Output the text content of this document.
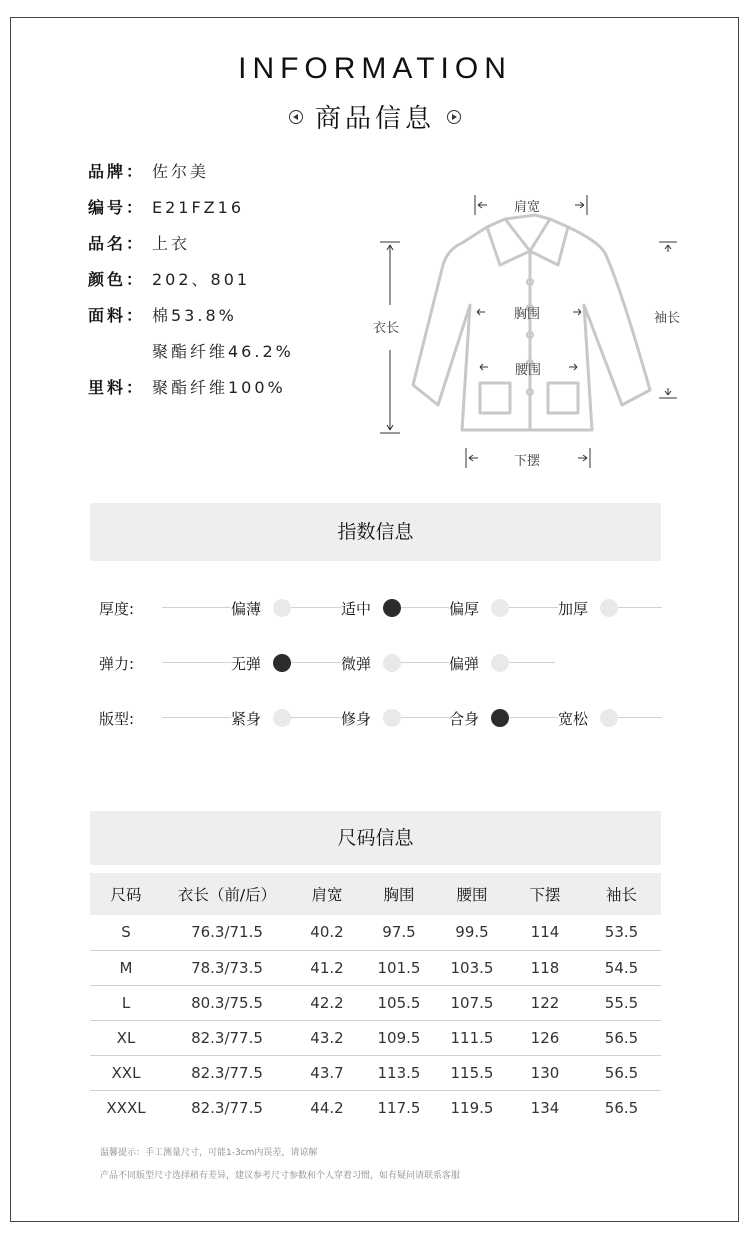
INFORMATION
商品信息
品牌： 佐尔美
编号： E21FZ16
品名： 上衣
颜色： 202、801
面料： 棉53.8%
聚酯纤维46.2%
里料： 聚酯纤维100%
肩宽
衣长
胸围
腰围
袖长
下摆
指数信息
厚度:	偏薄	适中	偏厚	加厚
弹力:	无弹	微弹	偏弹
版型:	紧身	修身	合身	宽松
尺码信息
尺码	衣长（前/后）	肩宽	胸围	腰围	下摆	袖长
S	76.3/71.5	40.2	97.5	99.5	114	53.5
M	78.3/73.5	41.2	101.5	103.5	118	54.5
L	80.3/75.5	42.2	105.5	107.5	122	55.5
XL	82.3/77.5	43.2	109.5	111.5	126	56.5
XXL	82.3/77.5	43.7	113.5	115.5	130	56.5
XXXL	82.3/77.5	44.2	117.5	119.5	134	56.5
温馨提示：手工测量尺寸，可能1-3cm内误差，请谅解
产品不同版型尺寸选择稍有差异，建议参考尺寸参数和个人穿着习惯，如有疑问请联系客服
